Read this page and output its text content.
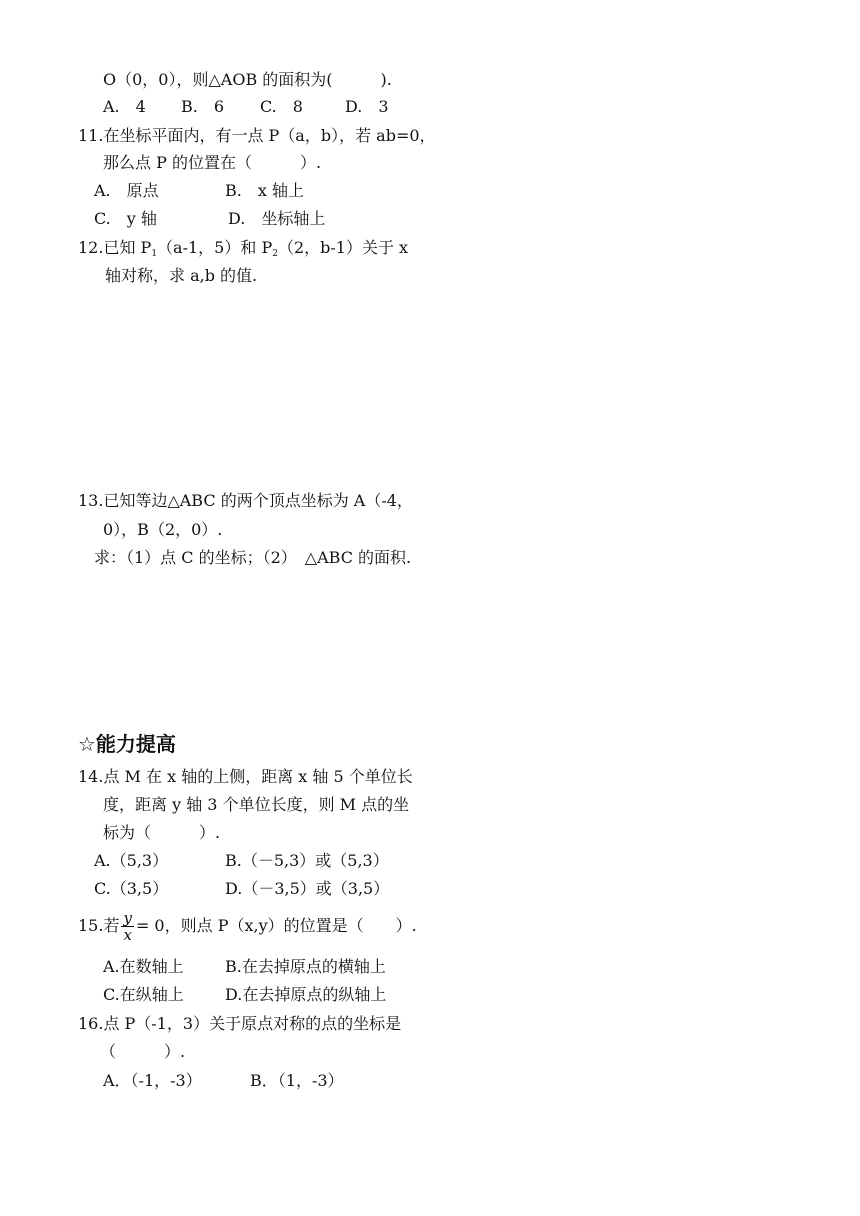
O（0，0），则△AOB 的面积为(　　　).
A.　4 B.　6 C.　8	D.　3
11.在坐标平面内，有一点 P（a，b），若 ab=0，
那么点 P 的位置在（　　　）.
A.　原点	B.　x 轴上
C.　y 轴	D.　坐标轴上
12.已知 $P_1(a-1$，5）和 $P_2(2$，b-1）关于 x
轴对称，求 a,b 的值.
13.已知等边△ABC 的两个顶点坐标为 A（-4，
0），B（2，0）.
求：（1）点 C 的坐标；（2）　△ABC 的面积.
☆能力提高
14.点 M 在 x 轴的上侧，距离 x 轴 5 个单位长
度，距离 y 轴 3 个单位长度，则 M 点的坐
标为（　　　）.
A.（5,3）	B.（－5,3）或（5,3）
C.（3,5）	D.（－3,5）或（3,5）
15.若 $\frac{y}{x} = 0$，则点 P（x,y）的位置是（　　）.
A.在数轴上	B.在去掉原点的横轴上
C.在纵轴上	D.在去掉原点的纵轴上
16.点 P（-1，3）关于原点对称的点的坐标是
（　　　）.
A．（-1，-3）	B．（1，-3）
